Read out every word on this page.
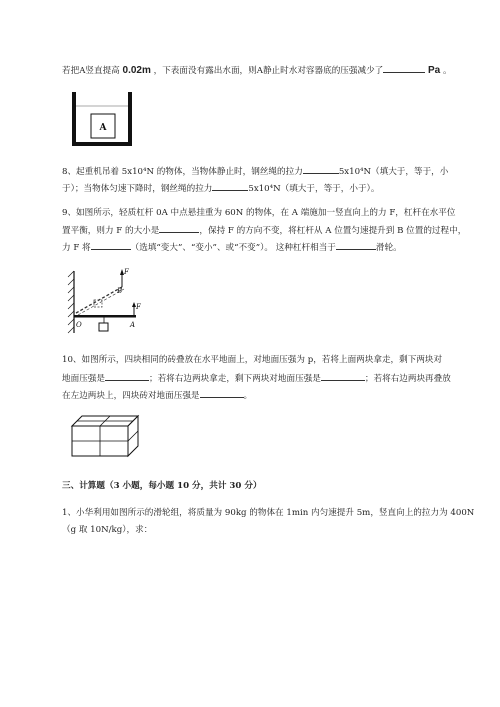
若把A竖直提高 0.02m ，下表面没有露出水面，则A静止时水对容器底的压强减少了	Pa 。
A
8、起重机吊着 5x10⁴N 的物体，当物体静止时，钢丝绳的拉力	5x10⁴N（填大于，等于，小
于）；当物体匀速下降时，钢丝绳的拉力	5x10⁴N（填大于，等于，小于）。
9、如图所示，轻质杠杆 0A 中点悬挂重为 60N 的物体，在 A 端施加一竖直向上的力 F，杠杆在水平位
置平衡，则力 F 的大小是	，保持 F 的方向不变，将杠杆从 A 位置匀速提升到 B 位置的过程中，
力 F 将	（选填“变大”、“变小”、或“不变”）。 这种杠杆相当于	滑轮。
F
B
O
F
A
10、如图所示，四块相同的砖叠放在水平地面上，对地面压强为 p，若将上面两块拿走，剩下两块对
地面压强是	；若将右边两块拿走，剩下两块对地面压强是	；若将右边两块再叠放
在左边两块上，四块砖对地面压强是	。
三、计算题（3 小题，每小题 10 分，共计 30 分）
1、小华利用如图所示的滑轮组，将质量为 90kg 的物体在 1min 内匀速提升 5m，竖直向上的拉力为 400N
（g 取 10N/kg），求：
